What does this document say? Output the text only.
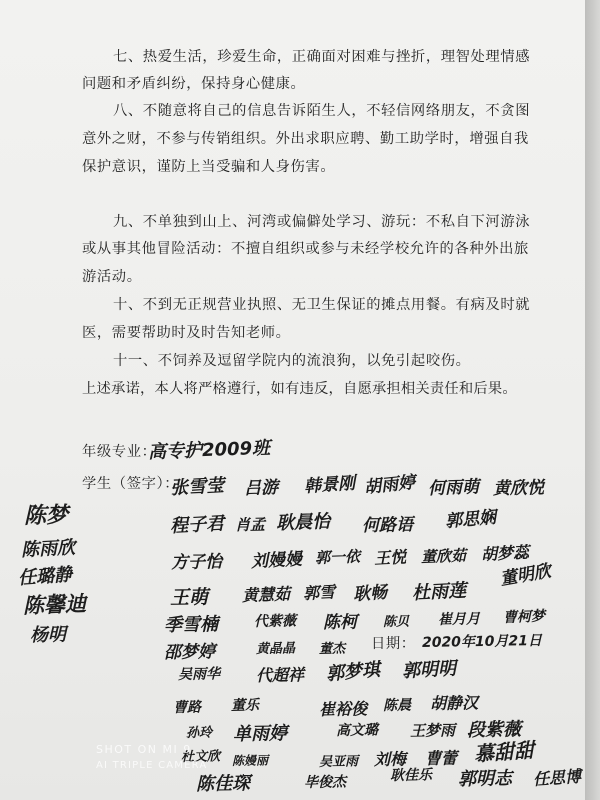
七、热爱生活，珍爱生命，正确面对困难与挫折，理智处理情感
问题和矛盾纠纷，保持身心健康。
八、不随意将自己的信息告诉陌生人，不轻信网络朋友，不贪图
意外之财，不参与传销组织。外出求职应聘、勤工助学时，增强自我
保护意识，谨防上当受骗和人身伤害。
九、不单独到山上、河湾或偏僻处学习、游玩：不私自下河游泳
或从事其他冒险活动：不擅自组织或参与未经学校允许的各种外出旅
游活动。
十、不到无正规营业执照、无卫生保证的摊点用餐。有病及时就
医，需要帮助时及时告知老师。
十一、不饲养及逗留学院内的流浪狗，以免引起咬伤。
上述承诺，本人将严格遵行，如有违反，自愿承担相关责任和后果。
年级专业：
高专护2009班
学生（签字）：
日期： 2020年10月21日
张雪莹 吕游 韩景刚 胡雨婷 何雨萌 黄欣悦
程子君 肖孟 耿晨怡 何路语 郭思娴
方子怡 刘嫚嫚 郭一依 王悦 董欣茹 胡梦蕊
王萌 黄慧茹 郭雪 耿畅 杜雨莲
董明欣
季雪楠	代紫薇 陈柯 陈贝 崔月月 曹柯梦
邵梦婷	黄晶晶 董杰
吴雨华 代超祥 郭梦琪 郭明明
曹路 董乐	崔裕俊 陈晨 胡静汉
孙玲 单雨婷	高文璐 王梦雨 段紫薇
杜文欣 陈嫚丽	吴亚雨 刘梅 曹蕾 慕甜甜
陈佳琛	毕俊杰	耿佳乐 郭明志 任思博
陈梦
陈雨欣
任璐静
陈馨迪
杨明
SHOT ON MI 9
AI TRIPLE CAMERA
